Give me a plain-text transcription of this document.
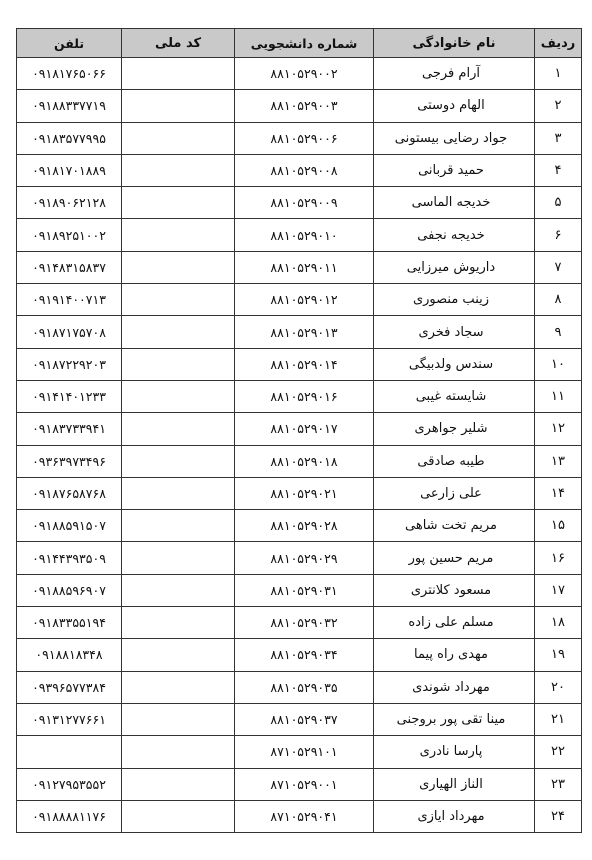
تلفن	کد ملی	شماره دانشجویی	نام خانوادگی	ردیف
۰۹۱۸۱۷۶۵۰۶۶		۸۸۱۰۵۲۹۰۰۲	آرام فرجی	۱
۰۹۱۸۸۳۳۷۷۱۹		۸۸۱۰۵۲۹۰۰۳	الهام دوستی	۲
۰۹۱۸۳۵۷۷۹۹۵		۸۸۱۰۵۲۹۰۰۶	جواد رضایی بیستونی	۳
۰۹۱۸۱۷۰۱۸۸۹		۸۸۱۰۵۲۹۰۰۸	حمید قربانی	۴
۰۹۱۸۹۰۶۲۱۲۸		۸۸۱۰۵۲۹۰۰۹	خدیجه الماسی	۵
۰۹۱۸۹۲۵۱۰۰۲		۸۸۱۰۵۲۹۰۱۰	خدیجه نجفی	۶
۰۹۱۴۸۳۱۵۸۳۷		۸۸۱۰۵۲۹۰۱۱	داریوش میرزایی	۷
۰۹۱۹۱۴۰۰۷۱۳		۸۸۱۰۵۲۹۰۱۲	زینب منصوری	۸
۰۹۱۸۷۱۷۵۷۰۸		۸۸۱۰۵۲۹۰۱۳	سجاد فخری	۹
۰۹۱۸۷۲۲۹۲۰۳		۸۸۱۰۵۲۹۰۱۴	سندس ولدبیگی	۱۰
۰۹۱۴۱۴۰۱۲۳۳		۸۸۱۰۵۲۹۰۱۶	شایسته غیبی	۱۱
۰۹۱۸۳۷۳۳۹۴۱		۸۸۱۰۵۲۹۰۱۷	شلیر جواهری	۱۲
۰۹۳۶۳۹۷۳۴۹۶		۸۸۱۰۵۲۹۰۱۸	طیبه صادقی	۱۳
۰۹۱۸۷۶۵۸۷۶۸		۸۸۱۰۵۲۹۰۲۱	علی زارعی	۱۴
۰۹۱۸۸۵۹۱۵۰۷		۸۸۱۰۵۲۹۰۲۸	مریم تخت شاهی	۱۵
۰۹۱۴۴۳۹۳۵۰۹		۸۸۱۰۵۲۹۰۲۹	مریم حسین پور	۱۶
۰۹۱۸۸۵۹۶۹۰۷		۸۸۱۰۵۲۹۰۳۱	مسعود کلانتری	۱۷
۰۹۱۸۳۳۵۵۱۹۴		۸۸۱۰۵۲۹۰۳۲	مسلم علی زاده	۱۸
۰۹۱۸۸۱۸۳۴۸		۸۸۱۰۵۲۹۰۳۴	مهدی راه پیما	۱۹
۰۹۳۹۶۵۷۷۳۸۴		۸۸۱۰۵۲۹۰۳۵	مهرداد شوندی	۲۰
۰۹۱۳۱۲۷۷۶۶۱		۸۸۱۰۵۲۹۰۳۷	مینا تقی پور بروجنی	۲۱
		۸۷۱۰۵۲۹۱۰۱	پارسا نادری	۲۲
۰۹۱۲۷۹۵۳۵۵۲		۸۷۱۰۵۲۹۰۰۱	الناز الهیاری	۲۳
۰۹۱۸۸۸۸۱۱۷۶		۸۷۱۰۵۲۹۰۴۱	مهرداد ایازی	۲۴
